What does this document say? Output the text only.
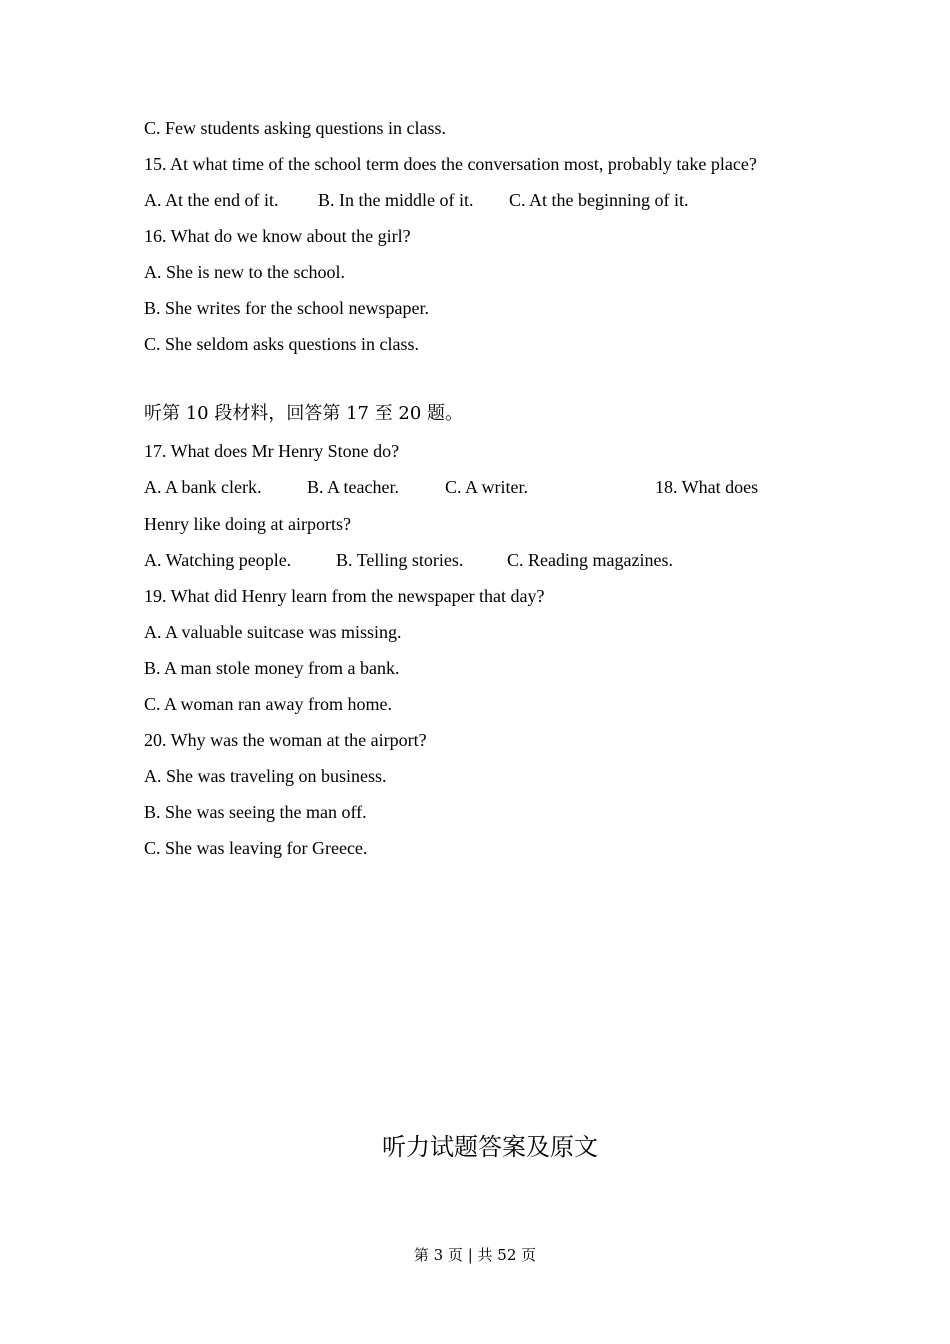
C. Few students asking questions in class.
15. At what time of the school term does the conversation most, probably take place?
A. At the end of it. B. In the middle of it. C. At the beginning of it.
16. What do we know about the girl?
A. She is new to the school.
B. She writes for the school newspaper.
C. She seldom asks questions in class.
听第 10 段材料，回答第 17 至 20 题。
17. What does Mr Henry Stone do?
A. A bank clerk.	B. A teacher.	C. A writer.	18. What does
Henry like doing at airports?
A. Watching people. B. Telling stories. C. Reading magazines.
19. What did Henry learn from the newspaper that day?
A. A valuable suitcase was missing.
B. A man stole money from a bank.
C. A woman ran away from home.
20. Why was the woman at the airport?
A. She was traveling on business.
B. She was seeing the man off.
C. She was leaving for Greece.
听力试题答案及原文
第 3 页 | 共 52 页
